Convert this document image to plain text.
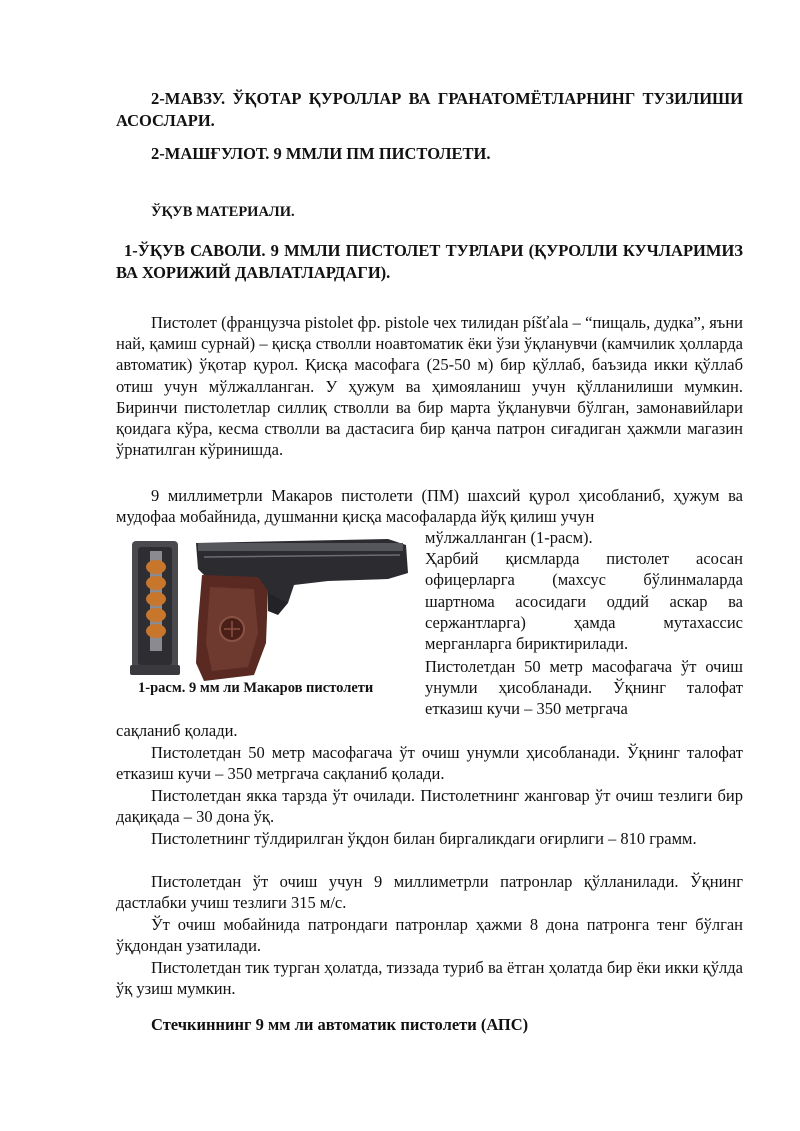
2-МАВЗУ. ЎҚОТАР ҚУРОЛЛАР ВА ГРАНАТОМЁТЛАРНИНГ ТУЗИЛИШИ АСОСЛАРИ.

2-МАШҒУЛОТ. 9 ММЛИ ПМ ПИСТОЛЕТИ.

ЎҚУВ МАТЕРИАЛИ.

1-ЎҚУВ САВОЛИ. 9 ММЛИ ПИСТОЛЕТ ТУРЛАРИ (ҚУРОЛЛИ КУЧЛАРИМИЗ ВА ХОРИЖИЙ ДАВЛАТЛАРДАГИ).

Пистолет (французча pistolet фр. pistole чех тилидан píšťala – “пищаль, дудка”, яъни най, қамиш сурнай) – қисқа стволли ноавтоматик ёки ўзи ўқланувчи (камчилик ҳолларда автоматик) ўқотар қурол. Қисқа масофага (25-50 м) бир қўллаб, баъзида икки қўллаб отиш учун мўлжалланган. У ҳужум ва ҳимояланиш учун қўлланилиши мумкин. Биринчи пистолетлар силлиқ стволли ва бир марта ўқланувчи бўлган, замонавийлари қоидага кўра, кесма стволли ва дастасига бир қанча патрон сиғадиган ҳажмли магазин ўрнатилган кўринишда.

9 миллиметрли Макаров пистолети (ПМ) шахсий қурол ҳисобланиб, ҳужум ва мудофаа мобайнида, душманни қисқа масофаларда йўқ қилиш учун

1-расм. 9 мм ли Макаров пистолети

мўлжалланган (1-расм).

Ҳарбий қисмларда пистолет асосан офицерларга (махсус бўлинмаларда шартнома асосидаги оддий аскар ва сержантларга) ҳамда мутахассис мерганларга бириктирилади.

Пистолетдан 50 метр масофагача ўт очиш унумли ҳисобланади. Ўқнинг талофат етказиш кучи – 350 метргача

сақланиб қолади.

Пистолетдан 50 метр масофагача ўт очиш унумли ҳисобланади. Ўқнинг талофат етказиш кучи – 350 метргача сақланиб қолади.

Пистолетдан якка тарзда ўт очилади. Пистолетнинг жанговар ўт очиш тезлиги бир дақиқада – 30 дона ўқ.

Пистолетнинг тўлдирилган ўқдон билан биргаликдаги оғирлиги – 810 грамм.

Пистолетдан ўт очиш учун 9 миллиметрли патронлар қўлланилади. Ўқнинг дастлабки учиш тезлиги 315 м/с.

Ўт очиш мобайнида патрондаги патронлар ҳажми 8 дона патронга тенг бўлган ўқдондан узатилади.

Пистолетдан тик турган ҳолатда, тиззада туриб ва ётган ҳолатда бир ёки икки қўлда ўқ узиш мумкин.

Стечкиннинг 9 мм ли автоматик пистолети (АПС)
